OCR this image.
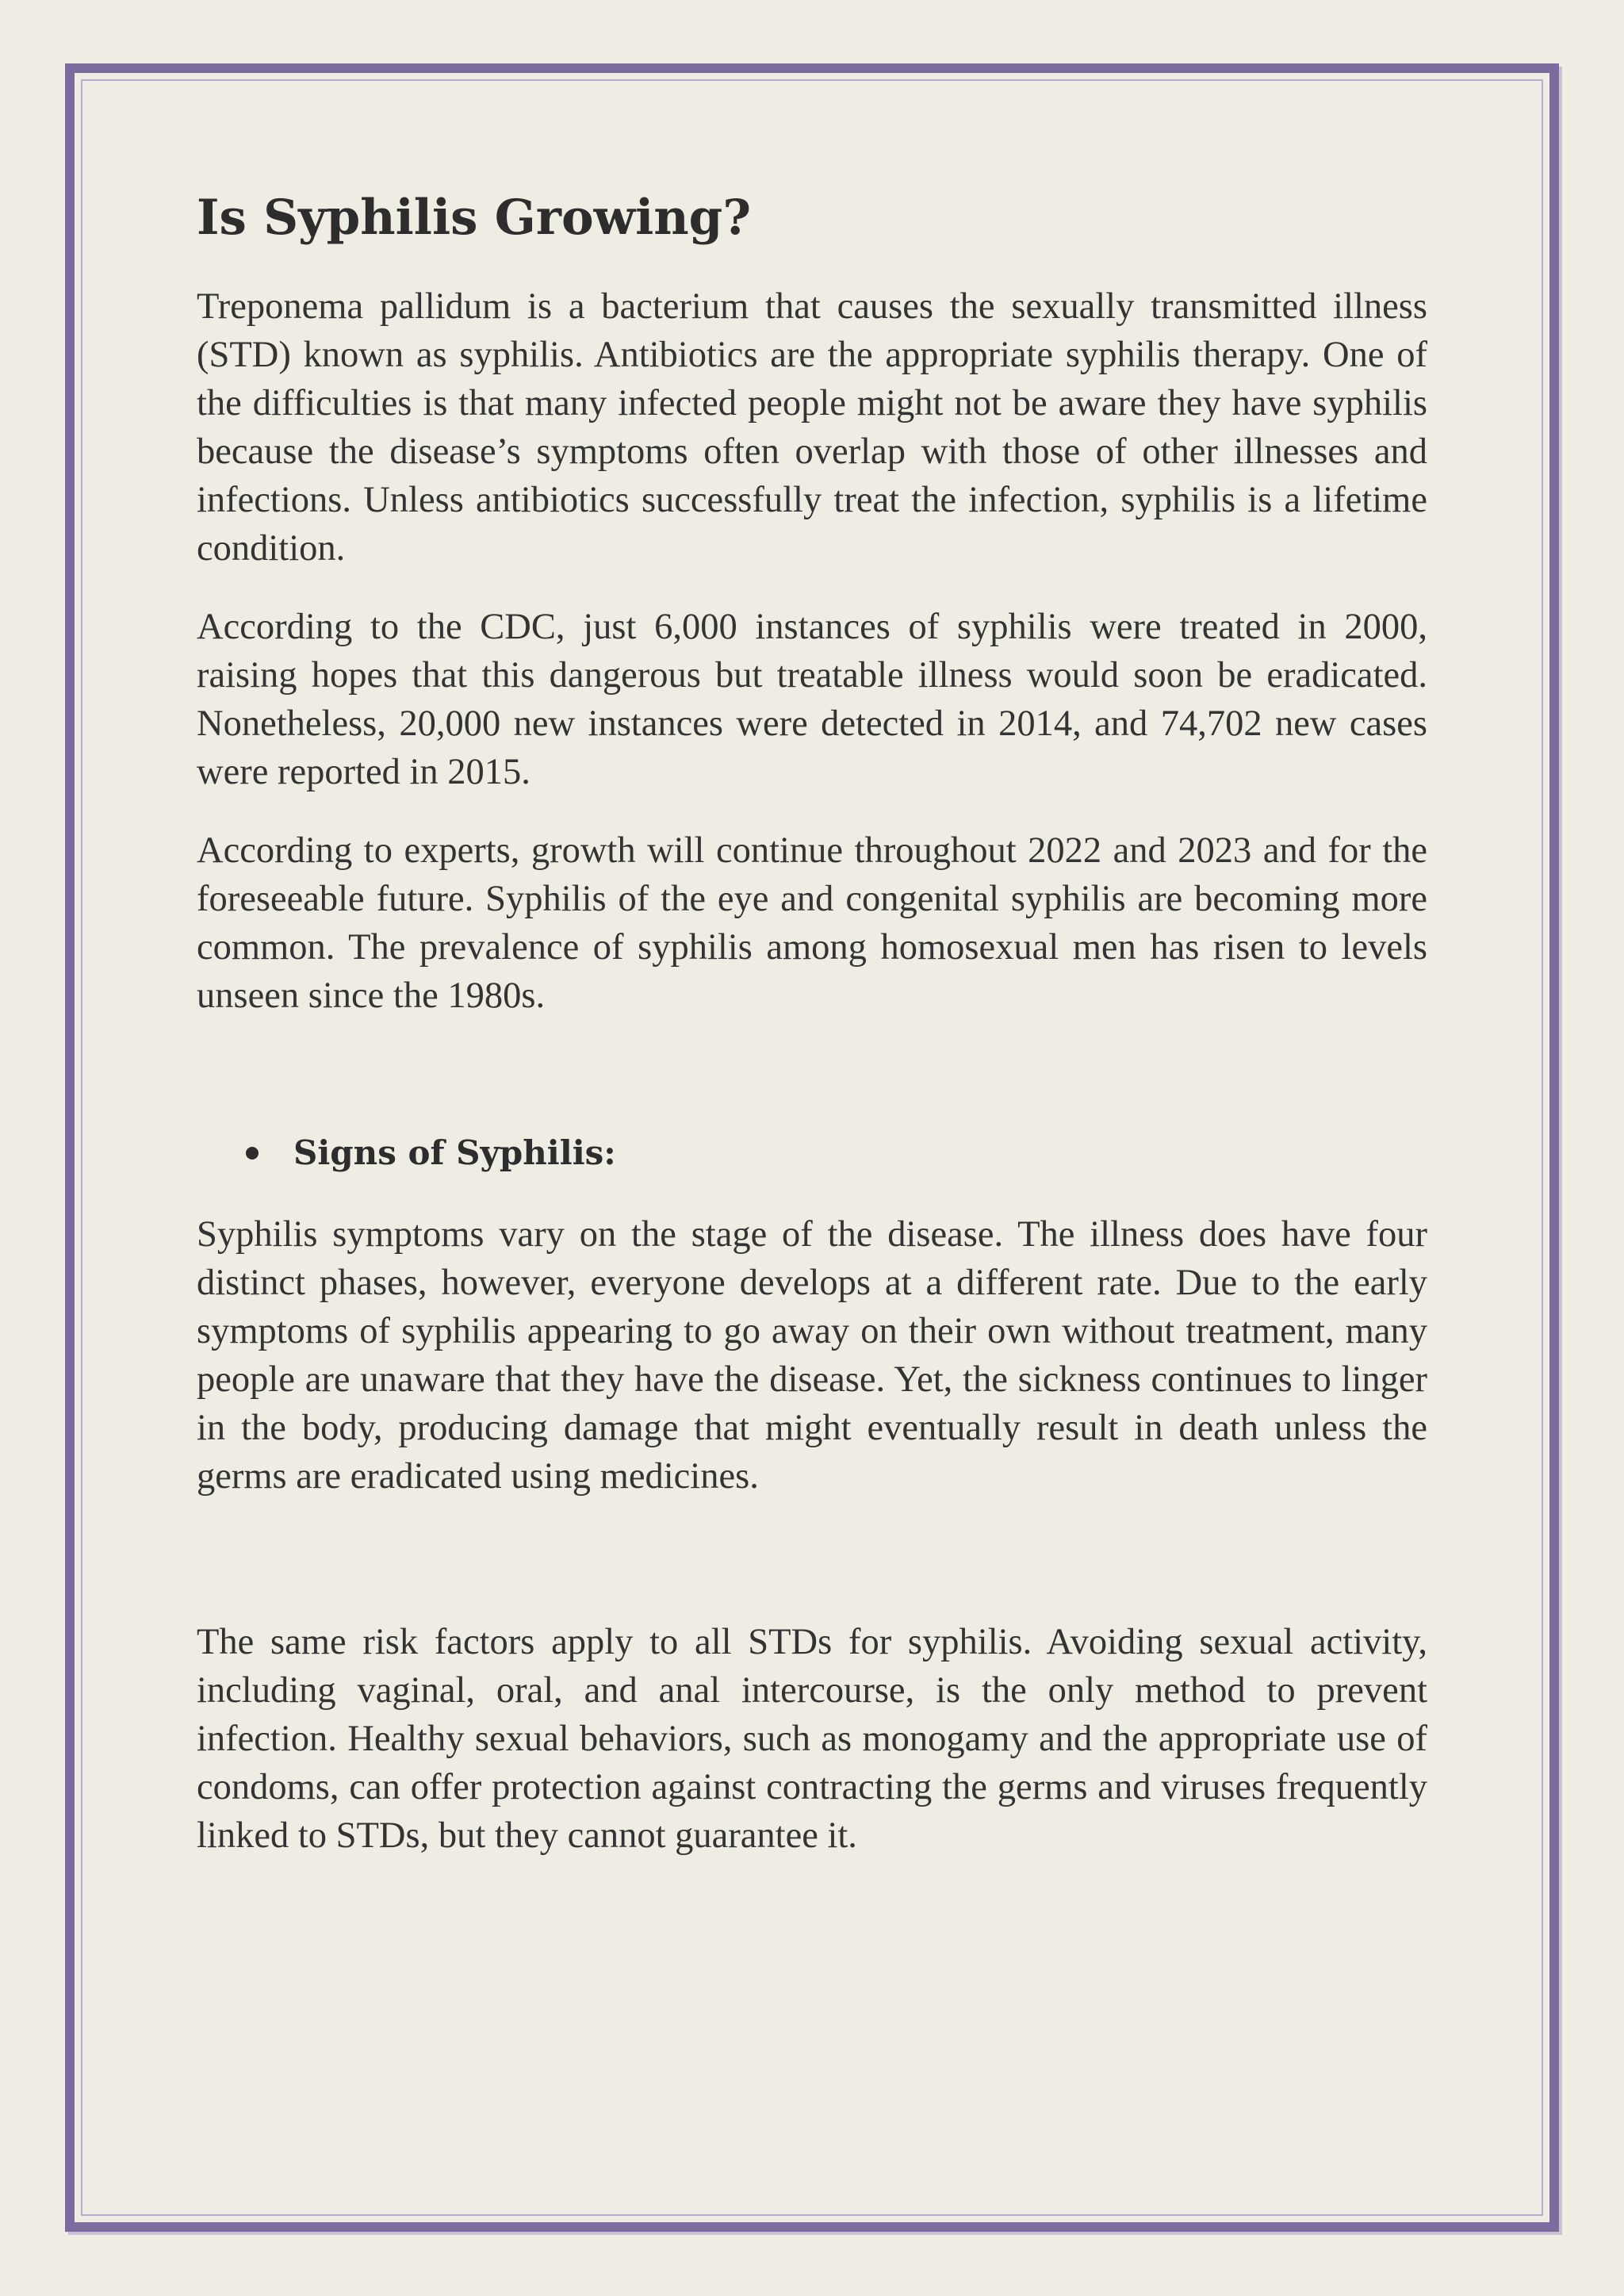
Is Syphilis Growing?

Treponema pallidum is a bacterium that causes the sexually transmitted illness (STD) known as syphilis. Antibiotics are the appropriate syphilis therapy. One of the difficulties is that many infected people might not be aware they have syphilis because the disease’s symptoms often overlap with those of other illnesses and infections. Unless antibiotics successfully treat the infection, syphilis is a lifetime condition.

According to the CDC, just 6,000 instances of syphilis were treated in 2000, raising hopes that this dangerous but treatable illness would soon be eradicated. Nonetheless, 20,000 new instances were detected in 2014, and 74,702 new cases were reported in 2015.

According to experts, growth will continue throughout 2022 and 2023 and for the foreseeable future. Syphilis of the eye and congenital syphilis are becoming more common. The prevalence of syphilis among homosexual men has risen to levels unseen since the 1980s.

Signs of Syphilis:

Syphilis symptoms vary on the stage of the disease. The illness does have four distinct phases, however, everyone develops at a different rate. Due to the early symptoms of syphilis appearing to go away on their own without treatment, many people are unaware that they have the disease. Yet, the sickness continues to linger in the body, producing damage that might eventually result in death unless the germs are eradicated using medicines.

The same risk factors apply to all STDs for syphilis. Avoiding sexual activity, including vaginal, oral, and anal intercourse, is the only method to prevent infection. Healthy sexual behaviors, such as monogamy and the appropriate use of condoms, can offer protection against contracting the germs and viruses frequently linked to STDs, but they cannot guarantee it.
